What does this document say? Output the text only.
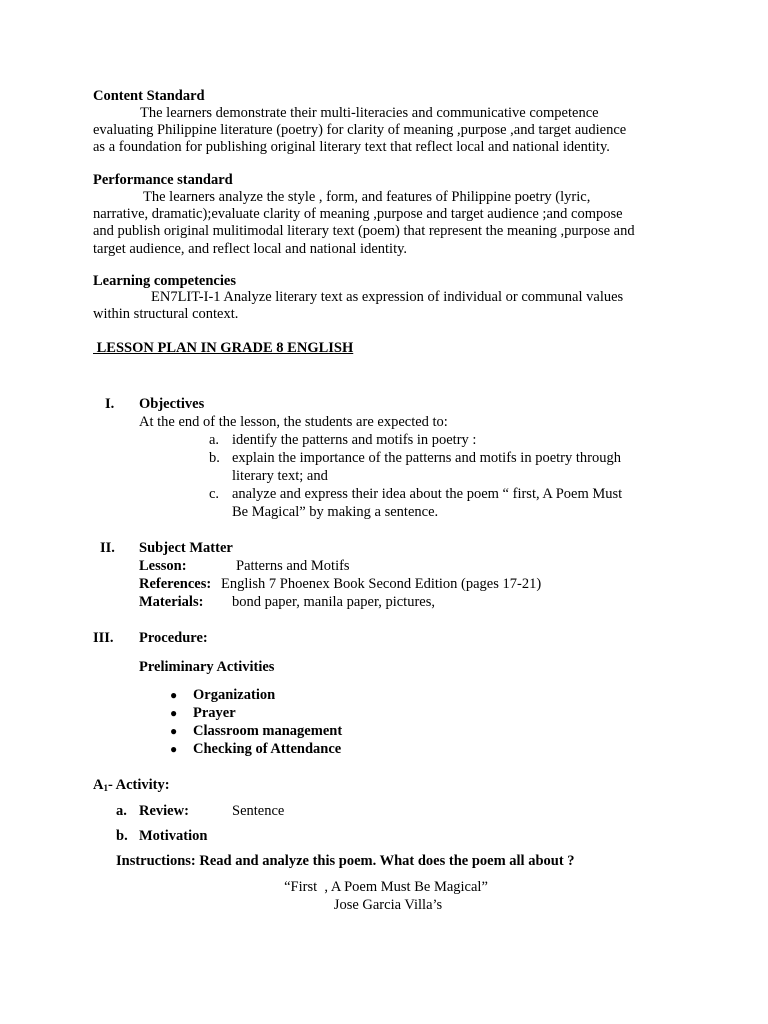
Content Standard
The learners demonstrate their multi-literacies and communicative competence
evaluating Philippine literature (poetry) for clarity of meaning ,purpose ,and target audience
as a foundation for publishing original literary text that reflect local and national identity.
Performance standard
The learners analyze the style , form, and features of Philippine poetry (lyric,
narrative, dramatic);evaluate clarity of meaning ,purpose and target audience ;and compose
and publish original mulitimodal literary text (poem) that represent the meaning ,purpose and
target audience, and reflect local and national identity.
Learning competencies
EN7LIT-I-1 Analyze literary text as expression of individual or communal values
within structural context.
LESSON PLAN IN GRADE 8 ENGLISH
I. Objectives
At the end of the lesson, the students are expected to:
a. identify the patterns and motifs in poetry :
b. explain the importance of the patterns and motifs in poetry through
literary text; and
c. analyze and express their idea about the poem “ first, A Poem Must
Be Magical” by making a sentence.
II. Subject Matter
Lesson:	Patterns and Motifs
References: English 7 Phoenex Book Second Edition (pages 17-21)
Materials: bond paper, manila paper, pictures,
III. Procedure:
Preliminary Activities
● Organization
● Prayer
● Classroom management
● Checking of Attendance
$A_1-$ Activity:
a. Review:	Sentence
b. Motivation
Instructions: Read and analyze this poem. What does the poem all about ?
“First  , A Poem Must Be Magical”
Jose Garcia Villa’s
